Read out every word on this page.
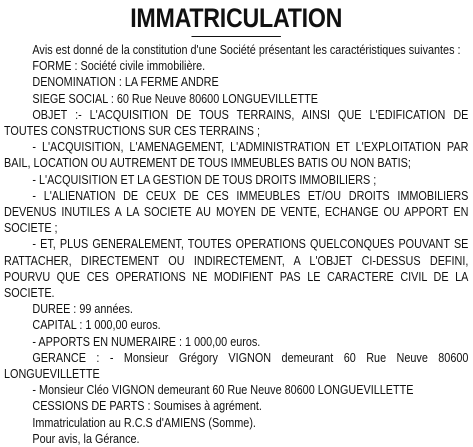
IMMATRICULATION

Avis est donné de la constitution d'une Société présentant les caractéristiques suivantes :

FORME : Société civile immobilière.

DENOMINATION : LA FERME ANDRE

SIEGE SOCIAL : 60 Rue Neuve 80600 LONGUEVILLETTE

OBJET :- L'ACQUISITION DE TOUS TERRAINS, AINSI QUE L'EDIFICATION DE TOUTES CONSTRUCTIONS SUR CES TERRAINS ;

- L'ACQUISITION, L'AMENAGEMENT, L'ADMINISTRATION ET L'EXPLOITATION PAR BAIL, LOCATION OU AUTREMENT DE TOUS IMMEUBLES BATIS OU NON BATIS;

- L'ACQUISITION ET LA GESTION DE TOUS DROITS IMMOBILIERS ;

- L'ALIENATION DE CEUX DE CES IMMEUBLES ET/OU DROITS IMMOBILIERS DEVENUS INUTILES A LA SOCIETE AU MOYEN DE VENTE, ECHANGE OU APPORT EN SOCIETE ;

- ET, PLUS GENERALEMENT, TOUTES OPERATIONS QUELCONQUES POUVANT SE RATTACHER, DIRECTEMENT OU INDIRECTEMENT, A L'OBJET CI-DESSUS DEFINI, POURVU QUE CES OPERATIONS NE MODIFIENT PAS LE CARACTERE CIVIL DE LA SOCIETE.

DUREE : 99 années.

CAPITAL : 1 000,00 euros.

- APPORTS EN NUMERAIRE : 1 000,00 euros.

GERANCE : - Monsieur Grégory VIGNON demeurant 60 Rue Neuve 80600 LONGUEVILLETTE

- Monsieur Cléo VIGNON demeurant 60 Rue Neuve 80600 LONGUEVILLETTE

CESSIONS DE PARTS : Soumises à agrément.

Immatriculation au R.C.S d'AMIENS (Somme).

Pour avis, la Gérance.
